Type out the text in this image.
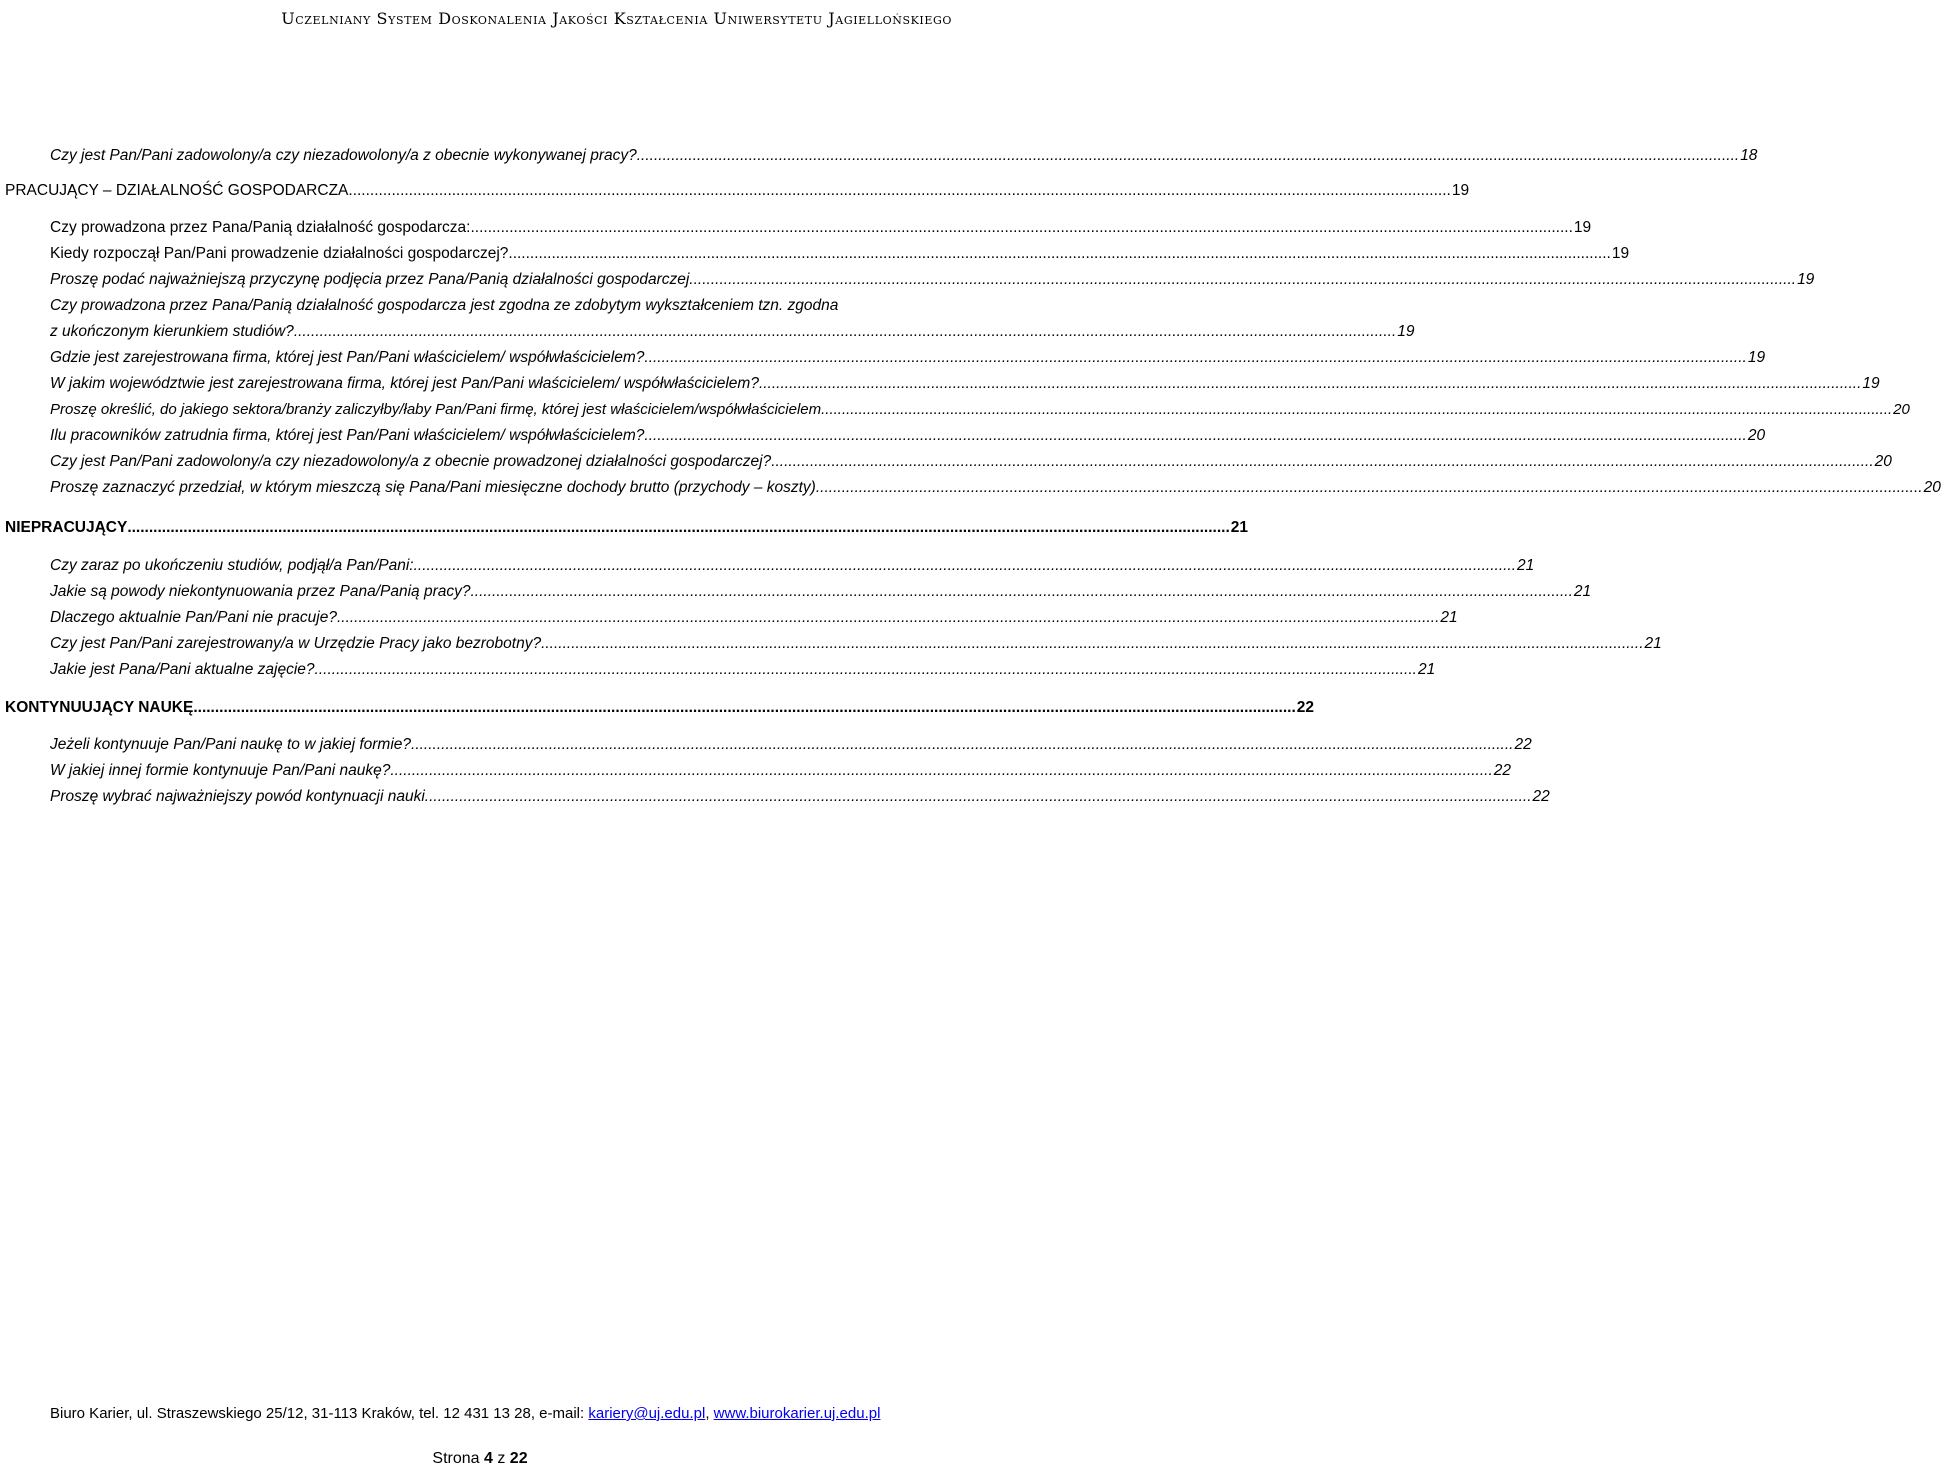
Uczelniany System Doskonalenia Jakości Kształcenia Uniwersytetu Jagiellońskiego
Czy jest Pan/Pani zadowolony/a czy niezadowolony/a z obecnie wykonywanej pracy? .....	18
PRACUJĄCY – DZIAŁALNOŚĆ GOSPODARCZA .....	19
Czy prowadzona przez Pana/Panią działalność gospodarcza: .....	19
Kiedy rozpoczął Pan/Pani prowadzenie działalności gospodarczej? .....	19
Proszę podać najważniejszą przyczynę podjęcia przez Pana/Panią działalności gospodarczej. .....	19
Czy prowadzona przez Pana/Panią działalność gospodarcza jest zgodna ze zdobytym wykształceniem tzn. zgodna
z ukończonym kierunkiem studiów? .....	19
Gdzie jest zarejestrowana firma, której jest Pan/Pani właścicielem/ współwłaścicielem? .....	19
W jakim województwie jest zarejestrowana firma, której jest Pan/Pani właścicielem/ współwłaścicielem? .....	19
Proszę określić, do jakiego sektora/branży zaliczyłby/łaby Pan/Pani firmę, której jest właścicielem/współwłaścicielem. .....	20
Ilu pracowników zatrudnia firma, której jest Pan/Pani właścicielem/ współwłaścicielem? .....	20
Czy jest Pan/Pani zadowolony/a czy niezadowolony/a z obecnie prowadzonej działalności gospodarczej? .....	20
Proszę zaznaczyć przedział, w którym mieszczą się Pana/Pani miesięczne dochody brutto (przychody – koszty). .....	20
NIEPRACUJĄCY .....	21
Czy zaraz po ukończeniu studiów, podjął/a Pan/Pani: .....	21
Jakie są powody niekontynuowania przez Pana/Panią pracy? .....	21
Dlaczego aktualnie Pan/Pani nie pracuje? .....	21
Czy jest Pan/Pani zarejestrowany/a w Urzędzie Pracy jako bezrobotny? .....	21
Jakie jest Pana/Pani aktualne zajęcie? .....	21
KONTYNUUJĄCY NAUKĘ .....	22
Jeżeli kontynuuje Pan/Pani naukę to w jakiej formie? .....	22
W jakiej innej formie kontynuuje Pan/Pani naukę? .....	22
Proszę wybrać najważniejszy powód kontynuacji nauki. .....	22
Biuro Karier, ul. Straszewskiego 25/12, 31-113 Kraków, tel. 12 431 13 28, e-mail: kariery@uj.edu.pl, www.biurokarier.uj.edu.pl
Strona 4 z 22
